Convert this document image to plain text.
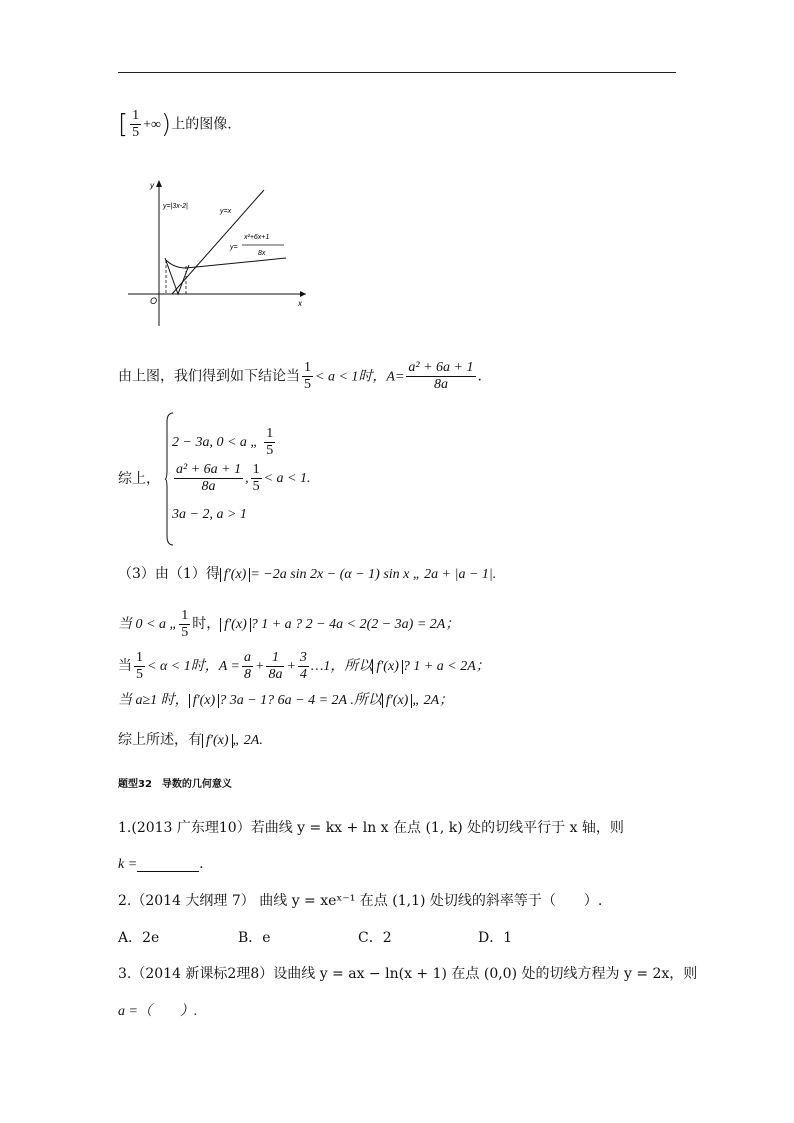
[ $\frac{1}{5}$ +∞)上的图像.
y
x
O
y=|3x-2|
y=x
y=
x²+6x+1
8x
由上图，我们得到如下结论当 $\frac{1}{5} < a < 1$时，$A= \frac{\text{a² + 6a + 1}}{8a}$ .
综上，
2 − 3a, 0 < a „ $\frac{1}{5}$
$\frac{\text{a² + 6a + 1}}{8a}$ , $\frac{1}{5} < a < 1$.
3a − 2, a > 1
（3）由（1）得 f′(x) = −2a sin 2x − (α − 1) sin x „ 2a + |a − 1|.
当 0 < a „ $\frac{1}{5}$ 时， f′(x) ? 1 + a ? 2 − 4a < 2(2 − 3a) = 2A；
当 $\frac{1}{5} < \alpha < 1$时，$A = \frac{a}{8} + \frac{1}{8a} + \frac{3}{4}$ …1，所以 f′(x) ? 1 + a < 2A；
当 a≥1 时， f′(x) ? 3a − 1? 6a − 4 = 2A .所以 f′(x) „ 2A；
综上所述，有 f′(x) „ 2A.
题型32　导数的几何意义
1.(2013 广东理10）若曲线 y = kx + ln x 在点 (1, k) 处的切线平行于 x 轴，则
k =	.
2.（2014 大纲理 7） 曲线 y = xeˣ⁻¹ 在点 (1,1) 处切线的斜率等于（　　）.
A．2e	B．e	C．2	D．1
3.（2014 新课标2理8）设曲线 y = ax − ln(x + 1) 在点 (0,0) 处的切线方程为 y = 2x，则
a =（　　）.
